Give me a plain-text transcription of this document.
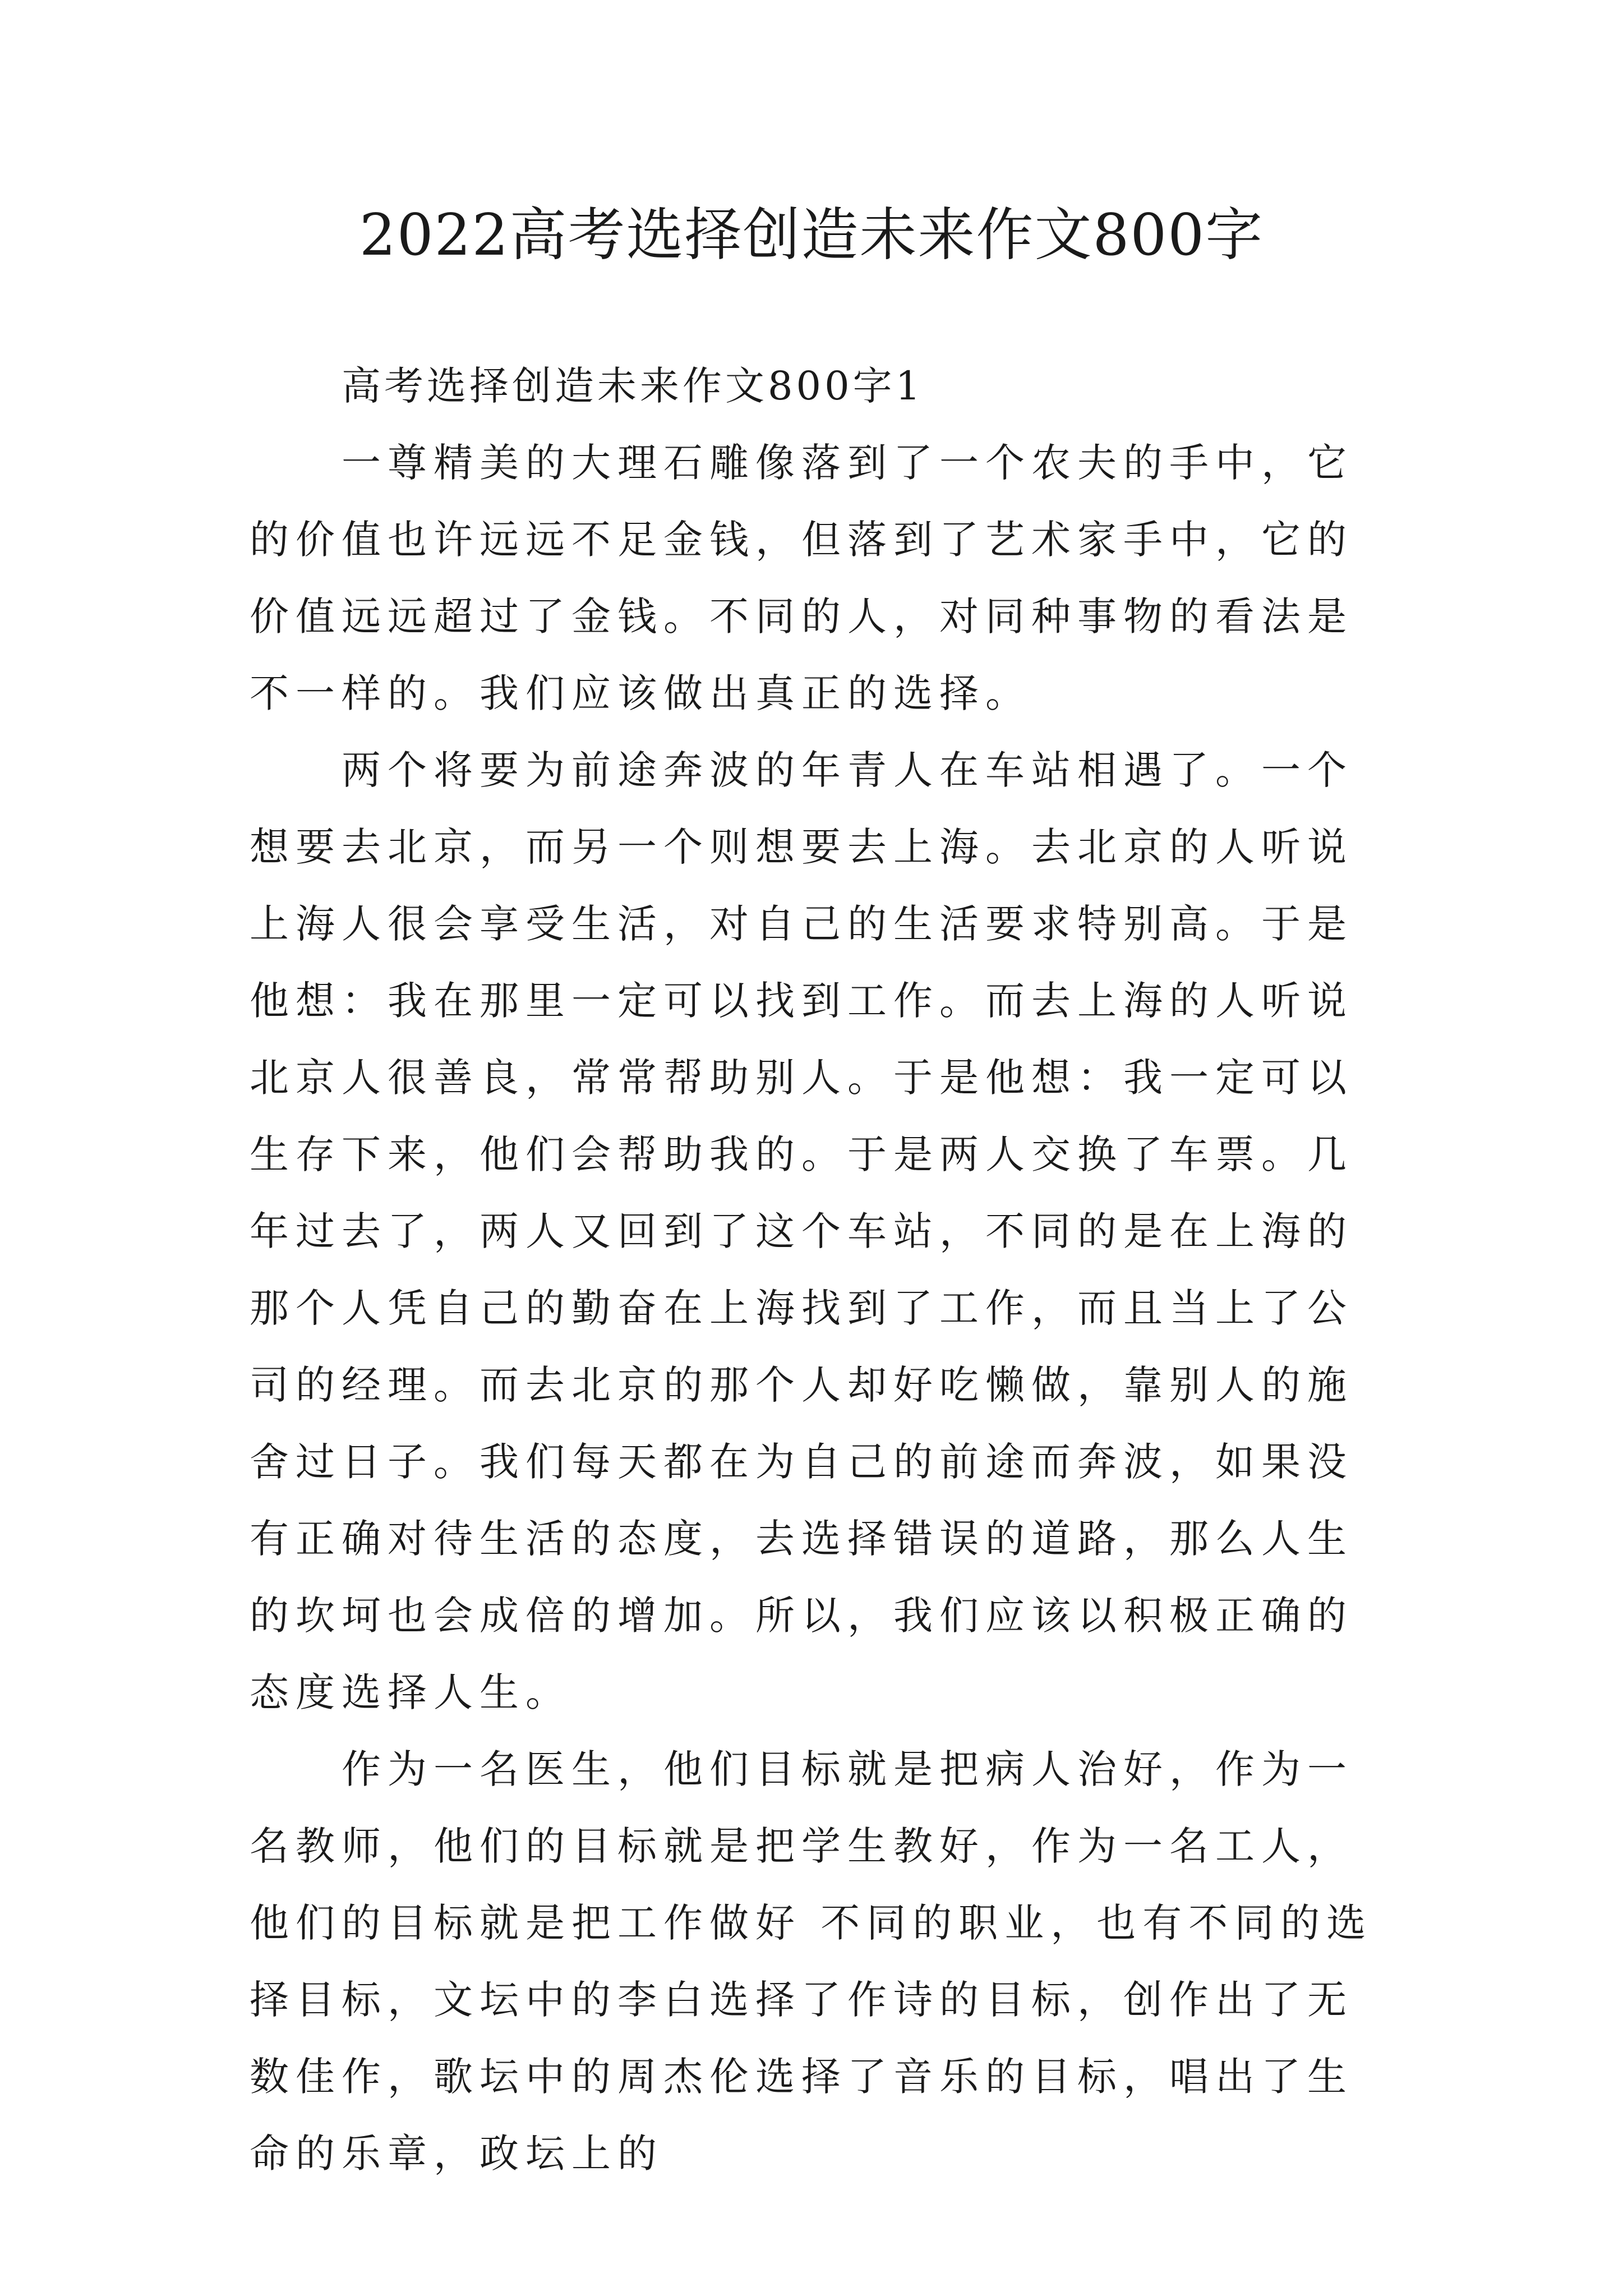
2022高考选择创造未来作文800字

高考选择创造未来作文800字1

一尊精美的大理石雕像落到了一个农夫的手中，它的价值也许远远不足金钱，但落到了艺术家手中，它的价值远远超过了金钱。不同的人，对同种事物的看法是不一样的。我们应该做出真正的选择。

两个将要为前途奔波的年青人在车站相遇了。一个想要去北京，而另一个则想要去上海。去北京的人听说上海人很会享受生活，对自己的生活要求特别高。于是他想：我在那里一定可以找到工作。而去上海的人听说北京人很善良，常常帮助别人。于是他想：我一定可以生存下来，他们会帮助我的。于是两人交换了车票。几年过去了，两人又回到了这个车站，不同的是在上海的那个人凭自己的勤奋在上海找到了工作，而且当上了公司的经理。而去北京的那个人却好吃懒做，靠别人的施舍过日子。我们每天都在为自己的前途而奔波，如果没有正确对待生活的态度，去选择错误的道路，那么人生的坎坷也会成倍的增加。所以，我们应该以积极正确的态度选择人生。

作为一名医生，他们目标就是把病人治好，作为一名教师，他们的目标就是把学生教好，作为一名工人，他们的目标就是把工作做好 不同的职业，也有不同的选择目标，文坛中的李白选择了作诗的目标，创作出了无数佳作，歌坛中的周杰伦选择了音乐的目标，唱出了生命的乐章，政坛上的
